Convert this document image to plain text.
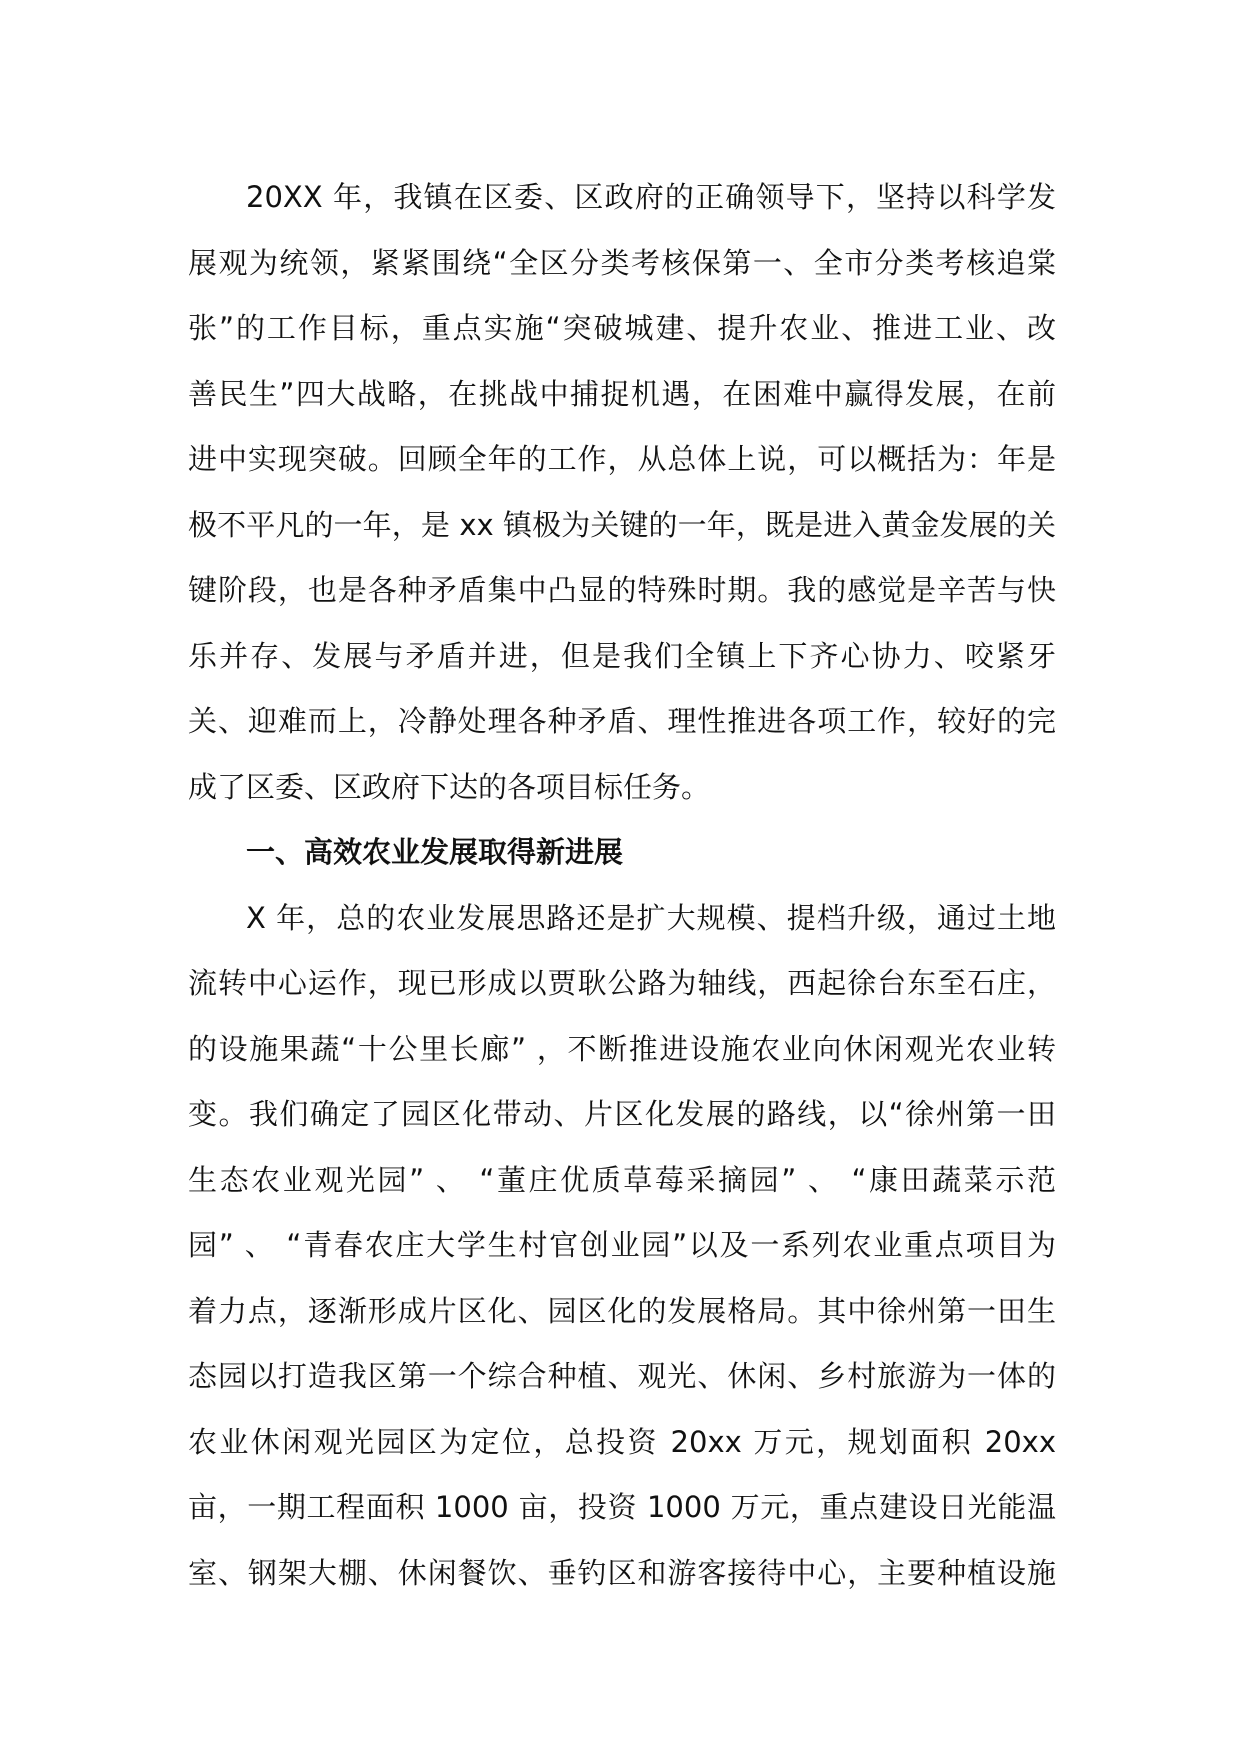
20XX 年，我镇在区委、区政府的正确领导下，坚持以科学发
展观为统领，紧紧围绕“全区分类考核保第一、全市分类考核追棠
张”的工作目标，重点实施“突破城建、提升农业、推进工业、改
善民生”四大战略，在挑战中捕捉机遇，在困难中赢得发展，在前
进中实现突破。回顾全年的工作，从总体上说，可以概括为：年是
极不平凡的一年，是 xx 镇极为关键的一年，既是进入黄金发展的关
键阶段，也是各种矛盾集中凸显的特殊时期。我的感觉是辛苦与快
乐并存、发展与矛盾并进，但是我们全镇上下齐心协力、咬紧牙
关、迎难而上，冷静处理各种矛盾、理性推进各项工作，较好的完
成了区委、区政府下达的各项目标任务。
一、高效农业发展取得新进展
X 年，总的农业发展思路还是扩大规模、提档升级，通过土地
流转中心运作，现已形成以贾耿公路为轴线，西起徐台东至石庄，
的设施果蔬“十公里长廊” ，不断推进设施农业向休闲观光农业转
变。我们确定了园区化带动、片区化发展的路线，以“徐州第一田
生态农业观光园” 、 “董庄优质草莓采摘园” 、 “康田蔬菜示范
园” 、 “青春农庄大学生村官创业园”以及一系列农业重点项目为
着力点，逐渐形成片区化、园区化的发展格局。其中徐州第一田生
态园以打造我区第一个综合种植、观光、休闲、乡村旅游为一体的
农业休闲观光园区为定位，总投资 20xx 万元，规划面积 20xx
亩，一期工程面积 1000 亩，投资 1000 万元，重点建设日光能温
室、钢架大棚、休闲餐饮、垂钓区和游客接待中心，主要种植设施
